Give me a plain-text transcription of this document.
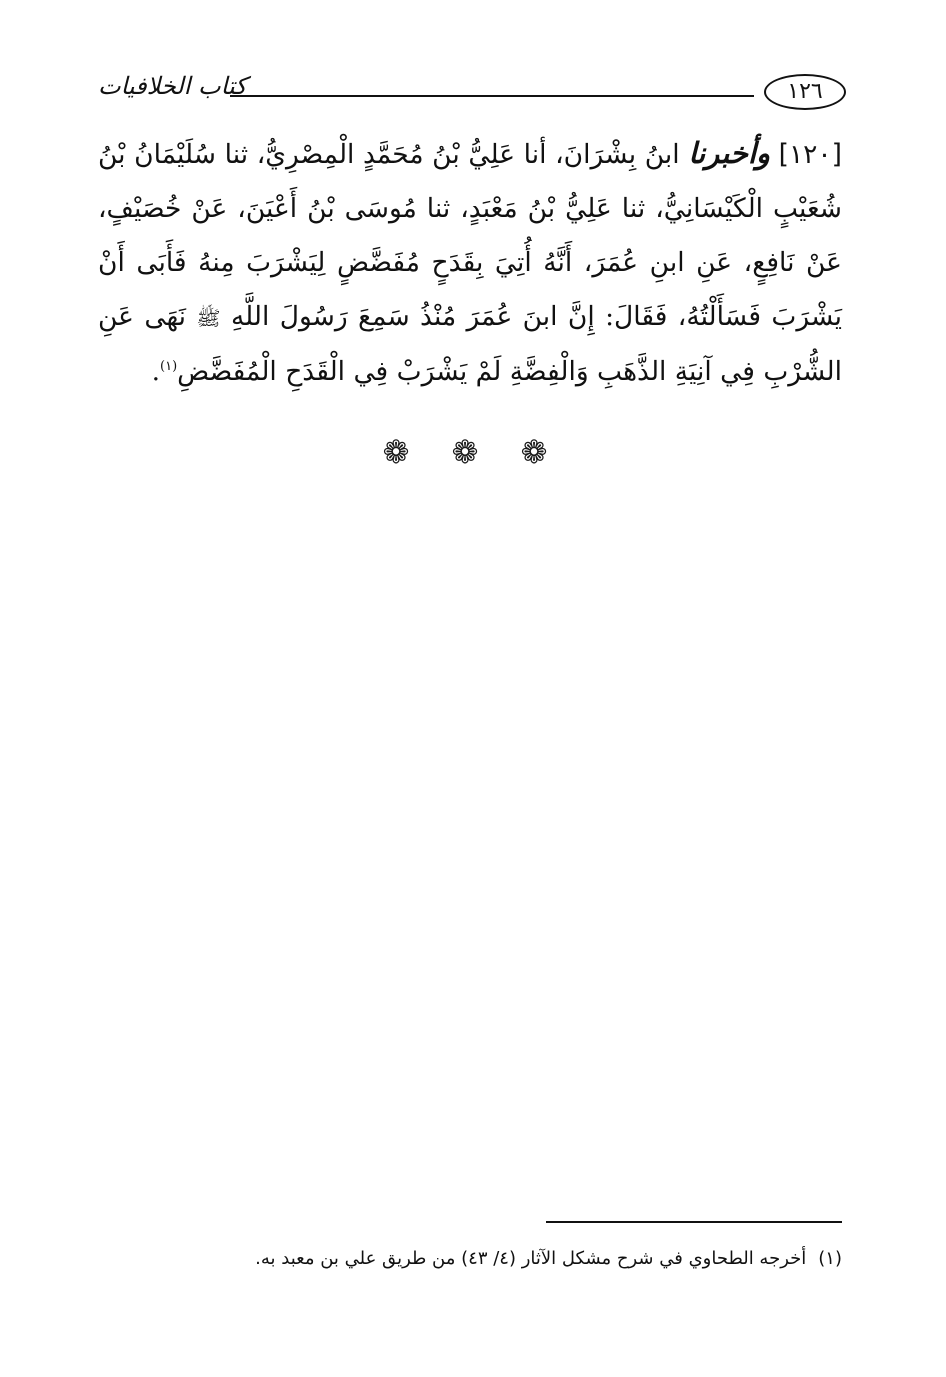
١٢٦
كتاب الخلافيات
[١٢٠] وأخبرنا ابنُ بِشْرَانَ، أنا عَلِيُّ بْنُ مُحَمَّدٍ الْمِصْرِيُّ، ثنا سُلَيْمَانُ بْنُ شُعَيْبٍ الْكَيْسَانِيُّ، ثنا عَلِيُّ بْنُ مَعْبَدٍ، ثنا مُوسَى بْنُ أَعْيَنَ، عَنْ خُصَيْفٍ، عَنْ نَافِعٍ، عَنِ ابنِ عُمَرَ، أَنَّهُ أُتِيَ بِقَدَحٍ مُفَضَّضٍ لِيَشْرَبَ مِنهُ فَأَبَى أَنْ يَشْرَبَ فَسَأَلْتُهُ، فَقَالَ: إِنَّ ابنَ عُمَرَ مُنْذُ سَمِعَ رَسُولَ اللَّهِ ﷺ نَهَى عَنِ الشُّرْبِ فِي آنِيَةِ الذَّهَبِ وَالْفِضَّةِ لَمْ يَشْرَبْ فِي الْقَدَحِ الْمُفَضَّضِ$^{(١)}$.
❁ ❁ ❁
(١)أخرجه الطحاوي في شرح مشكل الآثار (٤/ ٤٣) من طريق علي بن معبد به.
